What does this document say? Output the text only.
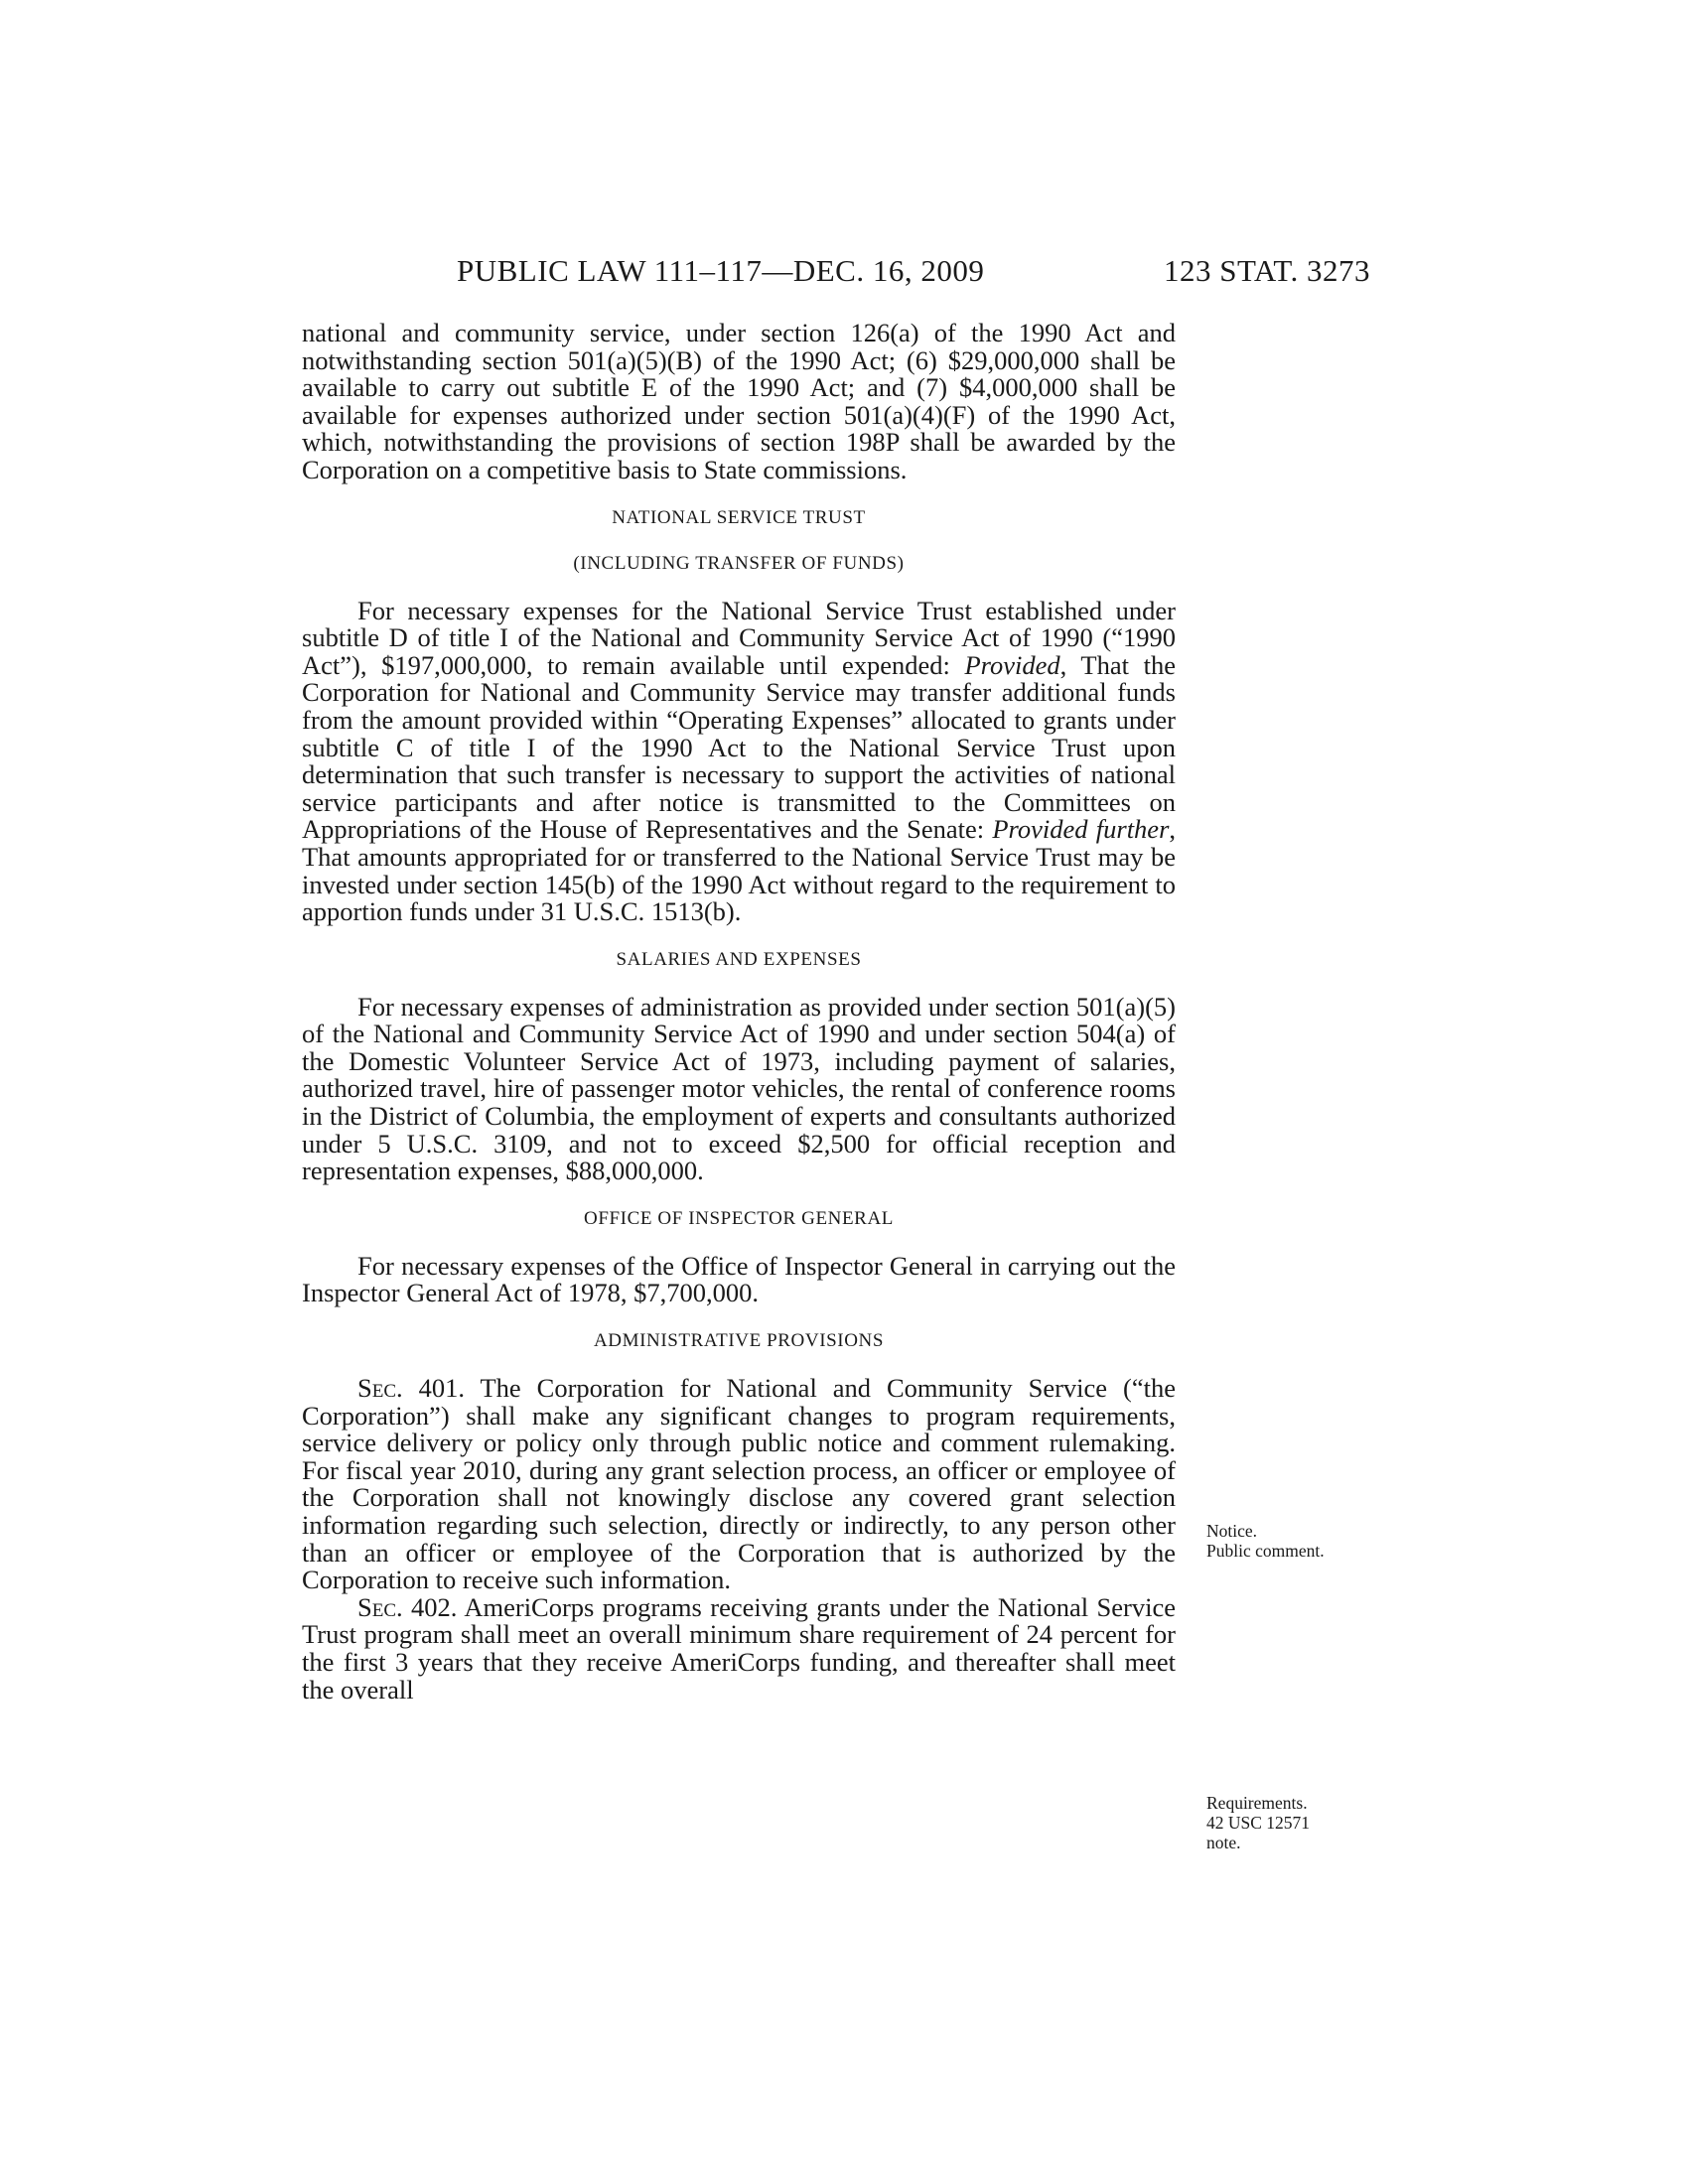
PUBLIC LAW 111–117—DEC. 16, 2009	123 STAT. 3273

national and community service, under section 126(a) of the 1990 Act and notwithstanding section 501(a)(5)(B) of the 1990 Act; (6) $29,000,000 shall be available to carry out subtitle E of the 1990 Act; and (7) $4,000,000 shall be available for expenses authorized under section 501(a)(4)(F) of the 1990 Act, which, notwithstanding the provisions of section 198P shall be awarded by the Corporation on a competitive basis to State commissions.

NATIONAL SERVICE TRUST
(INCLUDING TRANSFER OF FUNDS)

For necessary expenses for the National Service Trust established under subtitle D of title I of the National and Community Service Act of 1990 (“1990 Act”), $197,000,000, to remain available until expended: Provided, That the Corporation for National and Community Service may transfer additional funds from the amount provided within “Operating Expenses” allocated to grants under subtitle C of title I of the 1990 Act to the National Service Trust upon determination that such transfer is necessary to support the activities of national service participants and after notice is transmitted to the Committees on Appropriations of the House of Representatives and the Senate: Provided further, That amounts appropriated for or transferred to the National Service Trust may be invested under section 145(b) of the 1990 Act without regard to the requirement to apportion funds under 31 U.S.C. 1513(b).

SALARIES AND EXPENSES

For necessary expenses of administration as provided under section 501(a)(5) of the National and Community Service Act of 1990 and under section 504(a) of the Domestic Volunteer Service Act of 1973, including payment of salaries, authorized travel, hire of passenger motor vehicles, the rental of conference rooms in the District of Columbia, the employment of experts and consultants authorized under 5 U.S.C. 3109, and not to exceed $2,500 for official reception and representation expenses, $88,000,000.

OFFICE OF INSPECTOR GENERAL

For necessary expenses of the Office of Inspector General in carrying out the Inspector General Act of 1978, $7,700,000.

ADMINISTRATIVE PROVISIONS

Sec. 401. The Corporation for National and Community Service (“the Corporation”) shall make any significant changes to program requirements, service delivery or policy only through public notice and comment rulemaking. For fiscal year 2010, during any grant selection process, an officer or employee of the Corporation shall not knowingly disclose any covered grant selection information regarding such selection, directly or indirectly, to any person other than an officer or employee of the Corporation that is authorized by the Corporation to receive such information.

Sec. 402. AmeriCorps programs receiving grants under the National Service Trust program shall meet an overall minimum share requirement of 24 percent for the first 3 years that they receive AmeriCorps funding, and thereafter shall meet the overall

Notice.
Public comment.
Requirements.
42 USC 12571
note.
